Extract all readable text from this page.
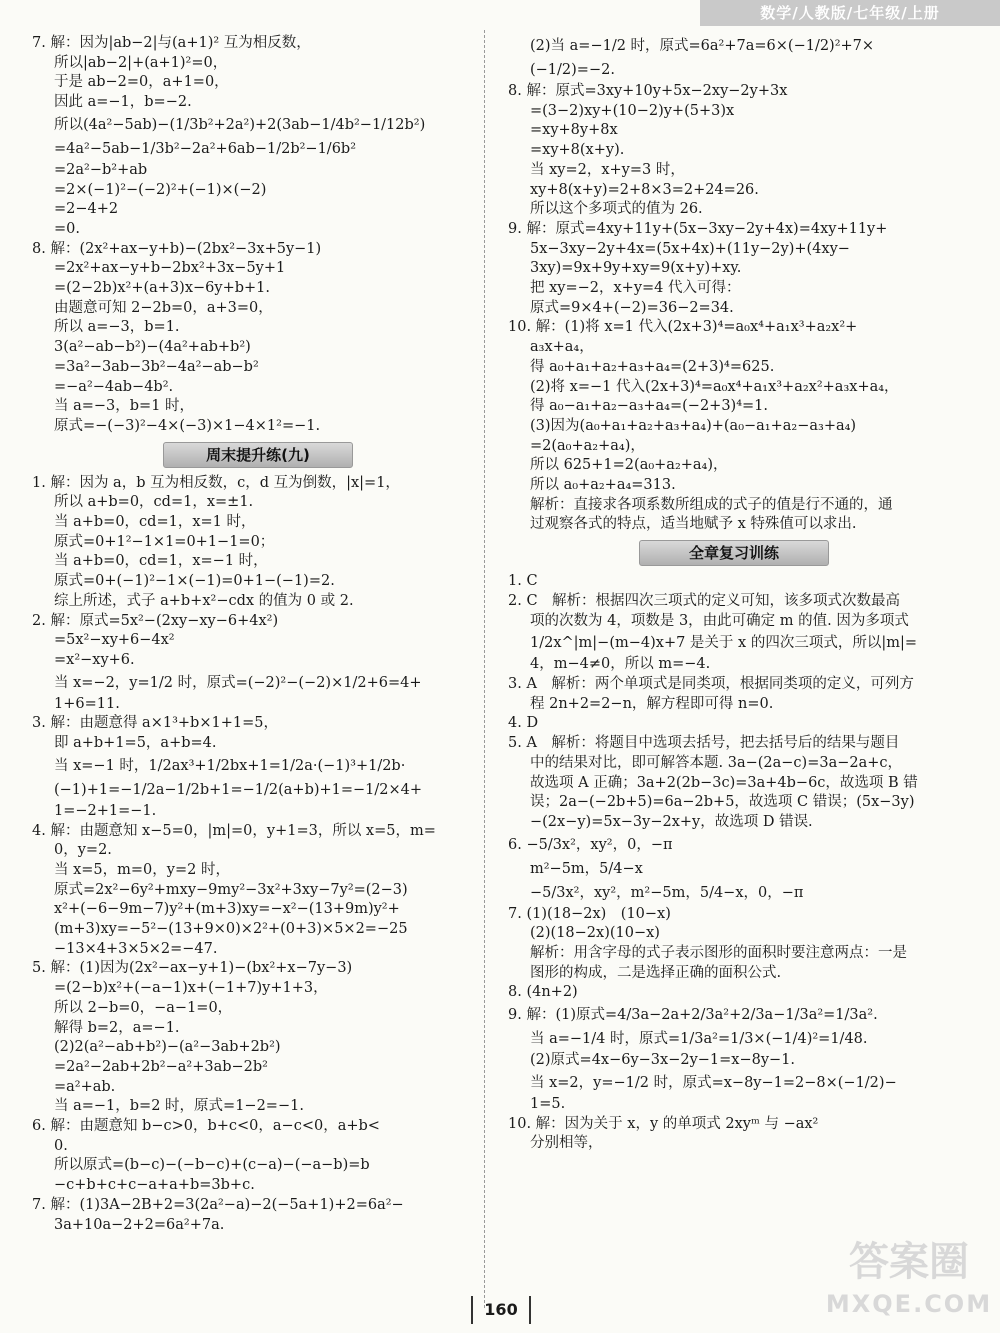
数学/人教版/七年级/上册
7. 解：因为|ab−2|与(a+1)² 互为相反数，
所以|ab−2|+(a+1)²=0，
于是 ab−2=0，a+1=0，
因此 a=−1，b=−2.
所以(4a²−5ab)−(1/3b²+2a²)+2(3ab−1/4b²−1/12b²)
=4a²−5ab−1/3b²−2a²+6ab−1/2b²−1/6b²
=2a²−b²+ab
=2×(−1)²−(−2)²+(−1)×(−2)
=2−4+2
=0.
8. 解：(2x²+ax−y+b)−(2bx²−3x+5y−1)
=2x²+ax−y+b−2bx²+3x−5y+1
=(2−2b)x²+(a+3)x−6y+b+1.
由题意可知 2−2b=0，a+3=0，
所以 a=−3，b=1.
3(a²−ab−b²)−(4a²+ab+b²)
=3a²−3ab−3b²−4a²−ab−b²
=−a²−4ab−4b².
当 a=−3，b=1 时，
原式=−(−3)²−4×(−3)×1−4×1²=−1.
周末提升练(九)
1. 解：因为 a，b 互为相反数，c，d 互为倒数，|x|=1，
所以 a+b=0，cd=1，x=±1.
当 a+b=0，cd=1，x=1 时，
原式=0+1²−1×1=0+1−1=0；
当 a+b=0，cd=1，x=−1 时，
原式=0+(−1)²−1×(−1)=0+1−(−1)=2.
综上所述，式子 a+b+x²−cdx 的值为 0 或 2.
2. 解：原式=5x²−(2xy−xy−6+4x²)
=5x²−xy+6−4x²
=x²−xy+6.
当 x=−2，y=1/2 时，原式=(−2)²−(−2)×1/2+6=4+
1+6=11.
3. 解：由题意得 a×1³+b×1+1=5，
即 a+b+1=5，a+b=4.
当 x=−1 时，1/2ax³+1/2bx+1=1/2a·(−1)³+1/2b·
(−1)+1=−1/2a−1/2b+1=−1/2(a+b)+1=−1/2×4+
1=−2+1=−1.
4. 解：由题意知 x−5=0，|m|=0，y+1=3，所以 x=5，m=
0，y=2.
当 x=5，m=0，y=2 时，
原式=2x²−6y²+mxy−9my²−3x²+3xy−7y²=(2−3)
x²+(−6−9m−7)y²+(m+3)xy=−x²−(13+9m)y²+
(m+3)xy=−5²−(13+9×0)×2²+(0+3)×5×2=−25
−13×4+3×5×2=−47.
5. 解：(1)因为(2x²−ax−y+1)−(bx²+x−7y−3)
=(2−b)x²+(−a−1)x+(−1+7)y+1+3，
所以 2−b=0，−a−1=0，
解得 b=2，a=−1.
(2)2(a²−ab+b²)−(a²−3ab+2b²)
=2a²−2ab+2b²−a²+3ab−2b²
=a²+ab.
当 a=−1，b=2 时，原式=1−2=−1.
6. 解：由题意知 b−c>0，b+c<0，a−c<0，a+b<
0.
所以原式=(b−c)−(−b−c)+(c−a)−(−a−b)=b
−c+b+c+c−a+a+b=3b+c.
7. 解：(1)3A−2B+2=3(2a²−a)−2(−5a+1)+2=6a²−
3a+10a−2+2=6a²+7a.
(2)当 a=−1/2 时，原式=6a²+7a=6×(−1/2)²+7×
(−1/2)=−2.
8. 解：原式=3xy+10y+5x−2xy−2y+3x
=(3−2)xy+(10−2)y+(5+3)x
=xy+8y+8x
=xy+8(x+y).
当 xy=2，x+y=3 时，
xy+8(x+y)=2+8×3=2+24=26.
所以这个多项式的值为 26.
9. 解：原式=4xy+11y+(5x−3xy−2y+4x)=4xy+11y+
5x−3xy−2y+4x=(5x+4x)+(11y−2y)+(4xy−
3xy)=9x+9y+xy=9(x+y)+xy.
把 xy=−2，x+y=4 代入可得：
原式=9×4+(−2)=36−2=34.
10. 解：(1)将 x=1 代入(2x+3)⁴=a₀x⁴+a₁x³+a₂x²+
a₃x+a₄，
得 a₀+a₁+a₂+a₃+a₄=(2+3)⁴=625.
(2)将 x=−1 代入(2x+3)⁴=a₀x⁴+a₁x³+a₂x²+a₃x+a₄，
得 a₀−a₁+a₂−a₃+a₄=(−2+3)⁴=1.
(3)因为(a₀+a₁+a₂+a₃+a₄)+(a₀−a₁+a₂−a₃+a₄)
=2(a₀+a₂+a₄)，
所以 625+1=2(a₀+a₂+a₄)，
所以 a₀+a₂+a₄=313.
解析：直接求各项系数所组成的式子的值是行不通的，通
过观察各式的特点，适当地赋予 x 特殊值可以求出.
全章复习训练
1. C
2. C　解析：根据四次三项式的定义可知，该多项式次数最高
项的次数为 4，项数是 3，由此可确定 m 的值. 因为多项式
1/2x^|m|−(m−4)x+7 是关于 x 的四次三项式，所以|m|=
4，m−4≠0，所以 m=−4.
3. A　解析：两个单项式是同类项，根据同类项的定义，可列方
程 2n+2=2−n，解方程即可得 n=0.
4. D
5. A　解析：将题目中选项去括号，把去括号后的结果与题目
中的结果对比，即可解答本题. 3a−(2a−c)=3a−2a+c，
故选项 A 正确；3a+2(2b−3c)=3a+4b−6c，故选项 B 错
误；2a−(−2b+5)=6a−2b+5，故选项 C 错误；(5x−3y)
−(2x−y)=5x−3y−2x+y，故选项 D 错误.
6. −5/3x²，xy²，0，−π
m²−5m，5/4−x
−5/3x²，xy²，m²−5m，5/4−x，0，−π
7. (1)(18−2x)　(10−x)
(2)(18−2x)(10−x)
解析：用含字母的式子表示图形的面积时要注意两点：一是
图形的构成，二是选择正确的面积公式.
8. (4n+2)
9. 解：(1)原式=4/3a−2a+2/3a²+2/3a−1/3a²=1/3a².
当 a=−1/4 时，原式=1/3a²=1/3×(−1/4)²=1/48.
(2)原式=4x−6y−3x−2y−1=x−8y−1.
当 x=2，y=−1/2 时，原式=x−8y−1=2−8×(−1/2)−
1=5.
10. 解：因为关于 x，y 的单项式 2xyᵐ 与 −ax² 　　　
分别相等，
160
答案圈
MXQE.COM
